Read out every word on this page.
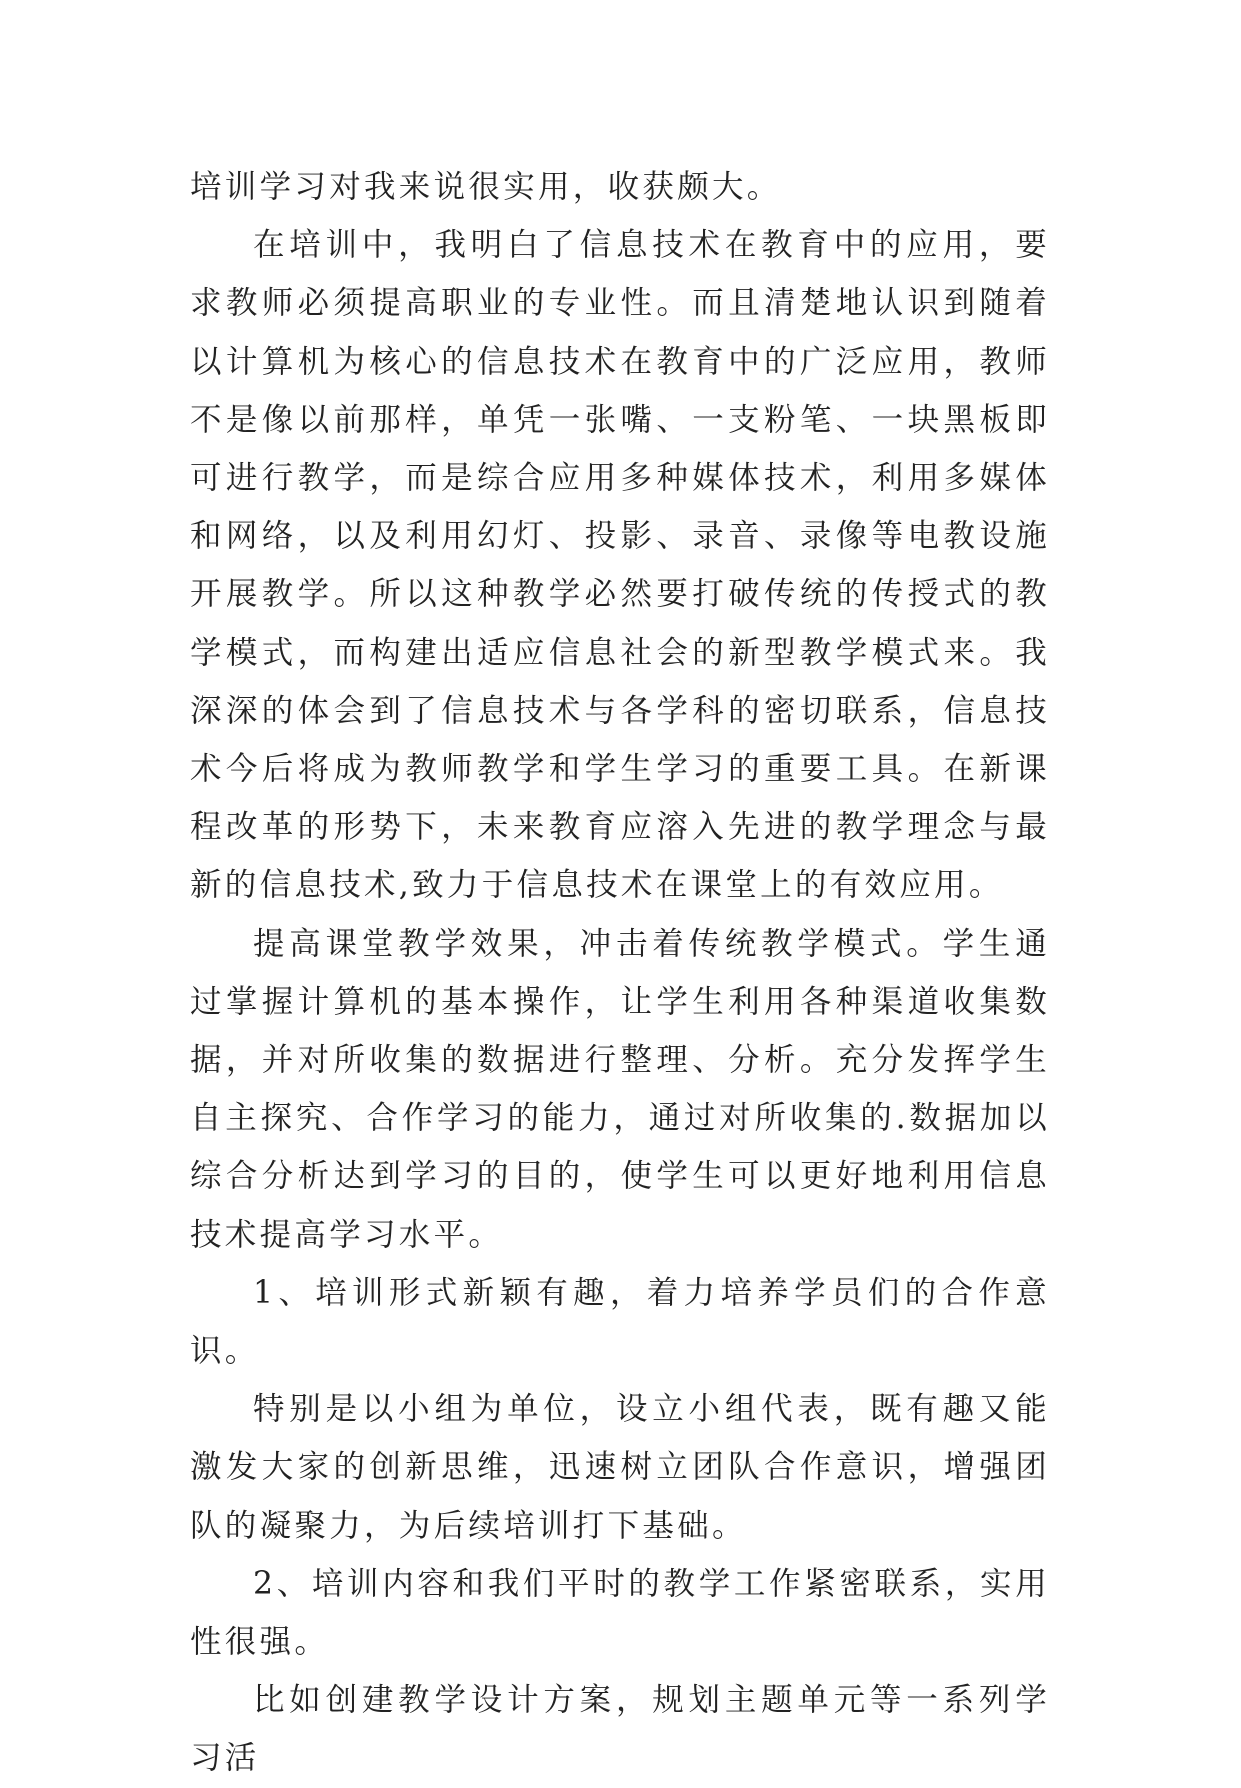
培训学习对我来说很实用，收获颇大。

在培训中，我明白了信息技术在教育中的应用，要求教师必须提高职业的专业性。而且清楚地认识到随着以计算机为核心的信息技术在教育中的广泛应用，教师不是像以前那样，单凭一张嘴、一支粉笔、一块黑板即可进行教学，而是综合应用多种媒体技术，利用多媒体和网络，以及利用幻灯、投影、录音、录像等电教设施开展教学。所以这种教学必然要打破传统的传授式的教学模式，而构建出适应信息社会的新型教学模式来。我深深的体会到了信息技术与各学科的密切联系，信息技术今后将成为教师教学和学生学习的重要工具。在新课程改革的形势下，未来教育应溶入先进的教学理念与最新的信息技术,致力于信息技术在课堂上的有效应用。

提高课堂教学效果，冲击着传统教学模式。学生通过掌握计算机的基本操作，让学生利用各种渠道收集数据，并对所收集的数据进行整理、分析。充分发挥学生自主探究、合作学习的能力，通过对所收集的.数据加以综合分析达到学习的目的，使学生可以更好地利用信息技术提高学习水平。

1、培训形式新颖有趣，着力培养学员们的合作意识。

特别是以小组为单位，设立小组代表，既有趣又能激发大家的创新思维，迅速树立团队合作意识，增强团队的凝聚力，为后续培训打下基础。

2、培训内容和我们平时的教学工作紧密联系，实用性很强。

比如创建教学设计方案，规划主题单元等一系列学习活
